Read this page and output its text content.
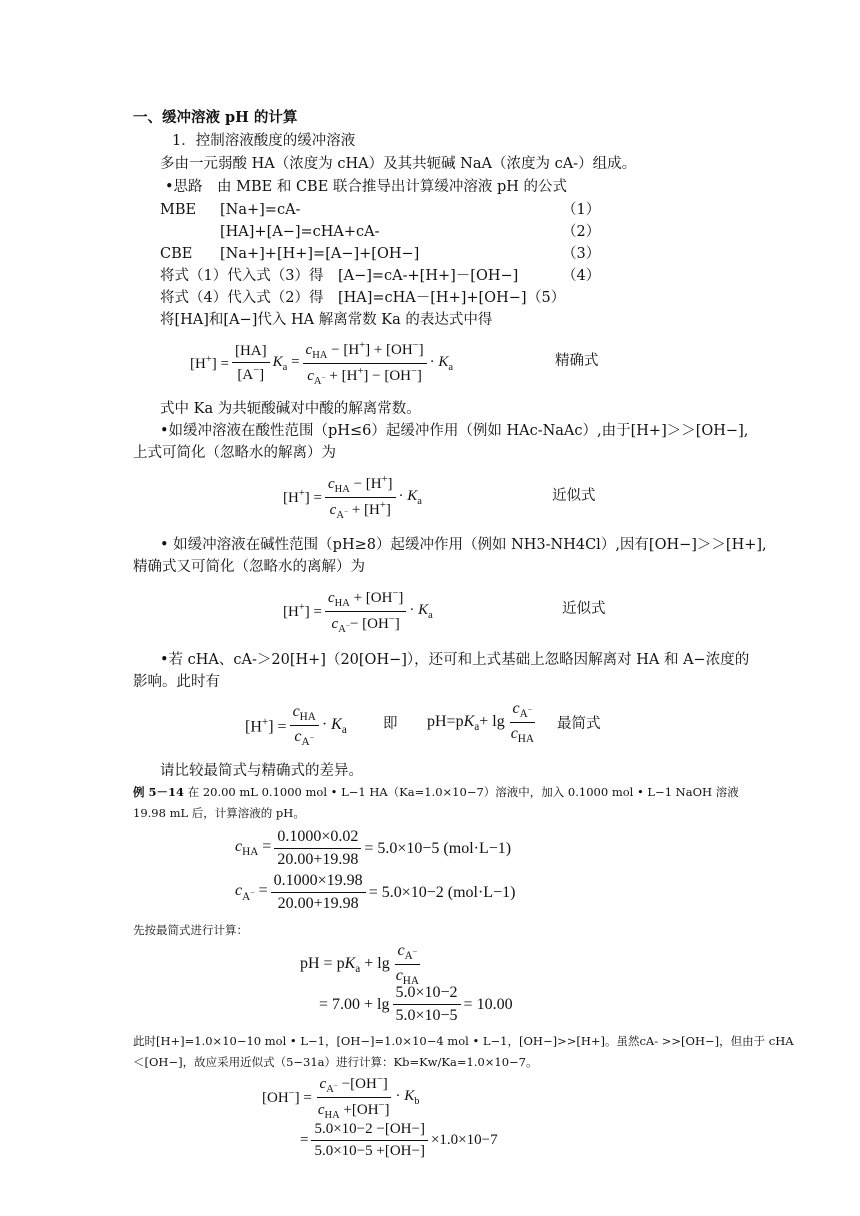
一、缓冲溶液 pH 的计算
1．控制溶液酸度的缓冲溶液
多由一元弱酸 HA（浓度为 cHA）及其共轭碱 NaA（浓度为 cA-）组成。
•思路　由 MBE 和 CBE 联合推导出计算缓冲溶液 pH 的公式
MBE [Na+]=cA-	（1）
[HA]+[A−]=cHA+cA-	（2）
CBE [Na+]+[H+]=[A−]+[OH−]	（3）
将式（1）代入式（3）得　[A−]=cA-+[H+]－[OH−]	（4）
将式（4）代入式（2）得　[HA]=cHA－[H+]+[OH−] （5）
将[HA]和[A−]代入 HA 解离常数 Ka 的表达式中得
$[H^+] = \frac{[HA]}{[A^-]} K_a = \frac{c_{HA} - [H^+] + [OH^-]}{c_{A^-} + [H^+] - [OH^-]} \cdot K_a$	精确式
式中 Ka 为共轭酸碱对中酸的解离常数。
•如缓冲溶液在酸性范围（pH≤6）起缓冲作用（例如 HAc-NaAc）,由于[H+]＞＞[OH−],
上式可简化（忽略水的解离）为
$[H^+] = \frac{c_{HA} - [H^+]}{c_{A^-} + [H^+]} \cdot K_a$	近似式
• 如缓冲溶液在碱性范围（pH≥8）起缓冲作用（例如 NH3-NH4Cl）,因有[OH−]＞＞[H+],
精确式又可简化（忽略水的离解）为
$[H^+] = \frac{c_{HA} + [OH^-]}{c_{A^-}- [OH^-]} \cdot K_a$	近似式
•若 cHA、cA-＞20[H+]（20[OH−]），还可和上式基础上忽略因解离对 HA 和 A−浓度的
影响。此时有
$[H^+] = \frac{c_{HA}}{c_{A^-}} \cdot K_a$ 即 $pH=pK_a+ \lg \frac{c_{A^-}}{c_{HA}}$ 最简式
请比较最简式与精确式的差异。
例 5－14 在 20.00 mL 0.1000 mol • L−1 HA（Ka=1.0×10−7）溶液中，加入 0.1000 mol • L−1 NaOH 溶液
19.98 mL 后，计算溶液的 pH。
$c_{HA} = \frac{0.1000\times 0.02}{20.00+19.98} = 5.0\times 10-5$ (mol·L−1)
$c_{A^-} = \frac{0.1000\times 19.98}{20.00+19.98} = 5.0\times 10-2$ (mol·L−1)
先按最简式进行计算：
pH = $pK_a + \lg \frac{c_{A^-}}{c_{HA}}$
= $7.00 + \lg \frac{5.0\times 10-2}{5.0\times 10-5} = 10.00$
此时[H+]=1.0×10−10 mol • L−1，[OH−]=1.0×10−4 mol • L−1，[OH−]>>[H+]。虽然cA- >>[OH−]，但由于 cHA
＜[OH−]，故应采用近似式（5−31a）进行计算：Kb=Kw/Ka=1.0×10−7。
$[OH^-] = \frac{c_{A^-} -[OH^-]}{c_{HA} +[OH^-]} \cdot K_b$
= $\frac{5.0\times 10-2 -[OH-]}{5.0\times 10-5 +[OH-]} \times 1.0\times 10-7$
